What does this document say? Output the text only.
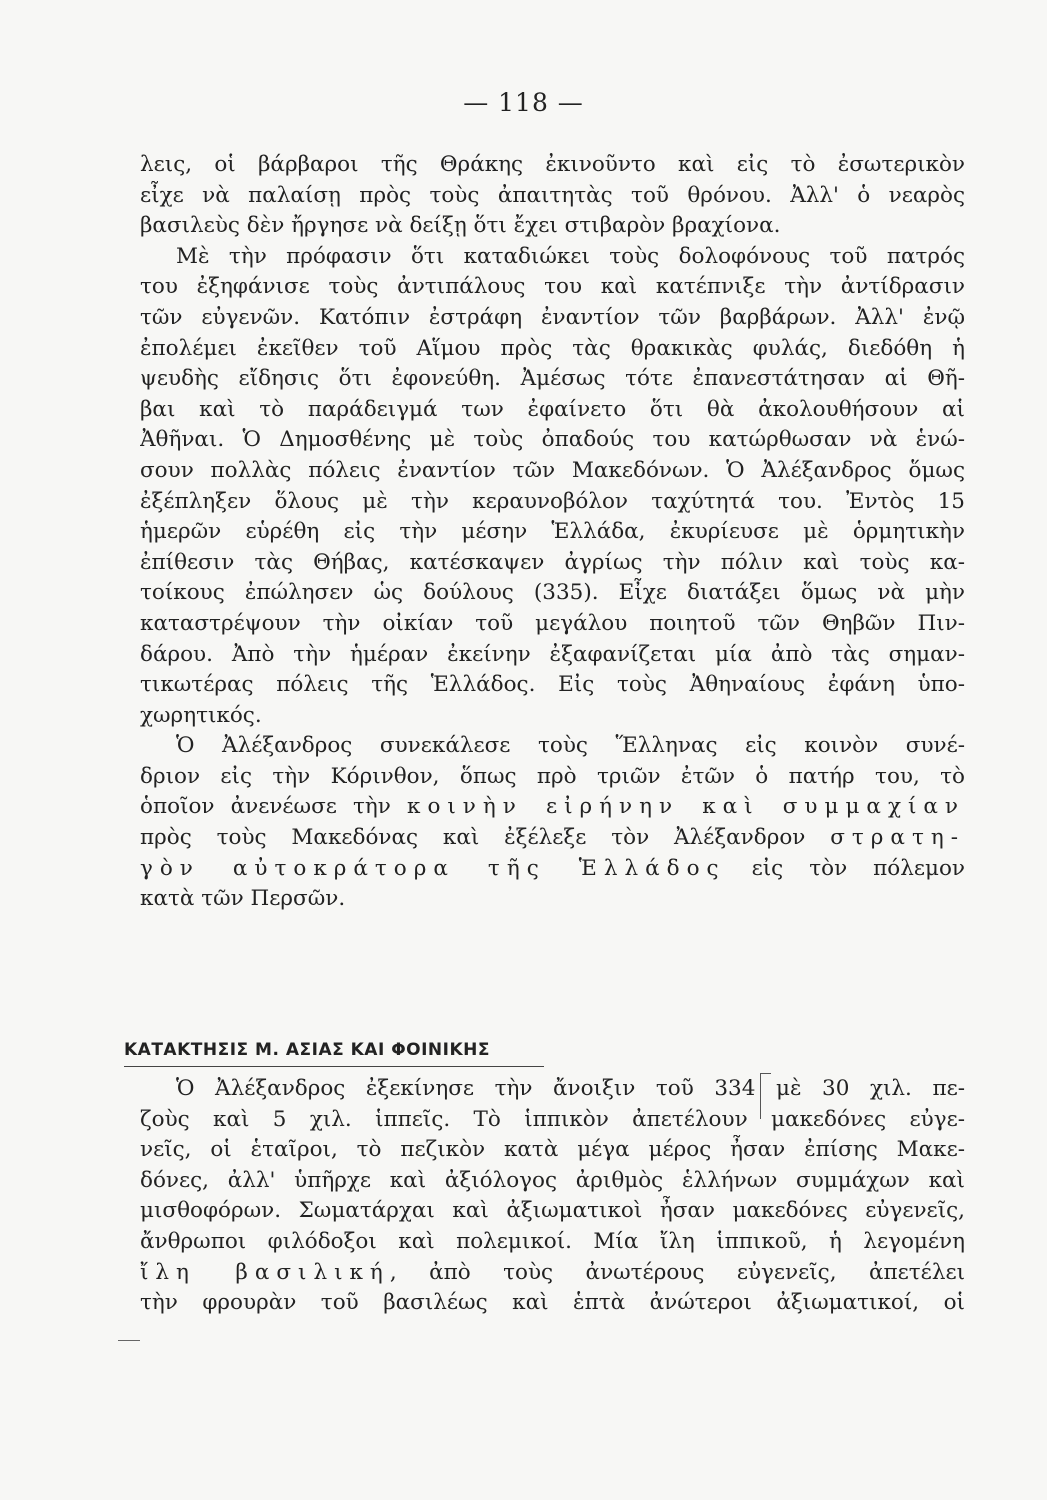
— 118 —
λεις, οἱ βάρβαροι τῆς Θράκης ἐκινοῦντο καὶ εἰς τὸ ἐσωτερικὸν
εἶχε νὰ παλαίσῃ πρὸς τοὺς ἀπαιτητὰς τοῦ θρόνου. Ἀλλ' ὁ νεαρὸς
βασιλεὺς δὲν ἤργησε νὰ δείξῃ ὅτι ἔχει στιβαρὸν βραχίονα.
Μὲ τὴν πρόφασιν ὅτι καταδιώκει τοὺς δολοφόνους τοῦ πατρός
του ἐξηφάνισε τοὺς ἀντιπάλους του καὶ κατέπνιξε τὴν ἀντίδρασιν
τῶν εὐγενῶν. Κατόπιν ἐστράφη ἐναντίον τῶν βαρβάρων. Ἀλλ' ἐνῷ
ἐπολέμει ἐκεῖθεν τοῦ Αἵμου πρὸς τὰς θρακικὰς φυλάς, διεδόθη ἡ
ψευδὴς εἴδησις ὅτι ἐφονεύθη. Ἀμέσως τότε ἐπανεστάτησαν αἱ Θῆ-
βαι καὶ τὸ παράδειγμά των ἐφαίνετο ὅτι θὰ ἀκολουθήσουν αἱ
Ἀθῆναι. Ὁ Δημοσθένης μὲ τοὺς ὀπαδούς του κατώρθωσαν νὰ ἑνώ-
σουν πολλὰς πόλεις ἐναντίον τῶν Μακεδόνων. Ὁ Ἀλέξανδρος ὅμως
ἐξέπληξεν ὅλους μὲ τὴν κεραυνοβόλον ταχύτητά του. Ἐντὸς 15
ἡμερῶν εὑρέθη εἰς τὴν μέσην Ἑλλάδα, ἐκυρίευσε μὲ ὁρμητικὴν
ἐπίθεσιν τὰς Θήβας, κατέσκαψεν ἀγρίως τὴν πόλιν καὶ τοὺς κα-
τοίκους ἐπώλησεν ὡς δούλους (335). Εἶχε διατάξει ὅμως νὰ μὴν
καταστρέψουν τὴν οἰκίαν τοῦ μεγάλου ποιητοῦ τῶν Θηβῶν Πιν-
δάρου. Ἀπὸ τὴν ἡμέραν ἐκείνην ἐξαφανίζεται μία ἀπὸ τὰς σημαν-
τικωτέρας πόλεις τῆς Ἑλλάδος. Εἰς τοὺς Ἀθηναίους ἐφάνη ὑπο-
χωρητικός.
Ὁ Ἀλέξανδρος συνεκάλεσε τοὺς Ἕλληνας εἰς κοινὸν συνέ-
δριον εἰς τὴν Κόρινθον, ὅπως πρὸ τριῶν ἐτῶν ὁ πατήρ του, τὸ
ὁποῖον ἀνενέωσε τὴν κοινὴν εἰρήνην καὶ συμμαχίαν
πρὸς τοὺς Μακεδόνας καὶ ἐξέλεξε τὸν Ἀλέξανδρον στρατη-
γὸν αὐτοκράτορα τῆς Ἑλλάδος εἰς τὸν πόλεμον
κατὰ τῶν Περσῶν.
ΚΑΤΑΚΤΗΣΙΣ Μ. ΑΣΙΑΣ ΚΑΙ ΦΟΙΝΙΚΗΣ
Ὁ Ἀλέξανδρος ἐξεκίνησε τὴν ἄνοιξιν τοῦ 334 μὲ 30 χιλ. πε-
ζοὺς καὶ 5 χιλ. ἱππεῖς. Τὸ ἱππικὸν ἀπετέλουν μακεδόνες εὐγε-
νεῖς, οἱ ἑταῖροι, τὸ πεζικὸν κατὰ μέγα μέρος ἦσαν ἐπίσης Μακε-
δόνες, ἀλλ' ὑπῆρχε καὶ ἀξιόλογος ἀριθμὸς ἑλλήνων συμμάχων καὶ
μισθοφόρων. Σωματάρχαι καὶ ἀξιωματικοὶ ἦσαν μακεδόνες εὐγενεῖς,
ἄνθρωποι φιλόδοξοι καὶ πολεμικοί. Μία ἴλη ἱππικοῦ, ἡ λεγομένη
ἴλη βασιλική, ἀπὸ τοὺς ἀνωτέρους εὐγενεῖς, ἀπετέλει
τὴν φρουρὰν τοῦ βασιλέως καὶ ἑπτὰ ἀνώτεροι ἀξιωματικοί, οἱ
